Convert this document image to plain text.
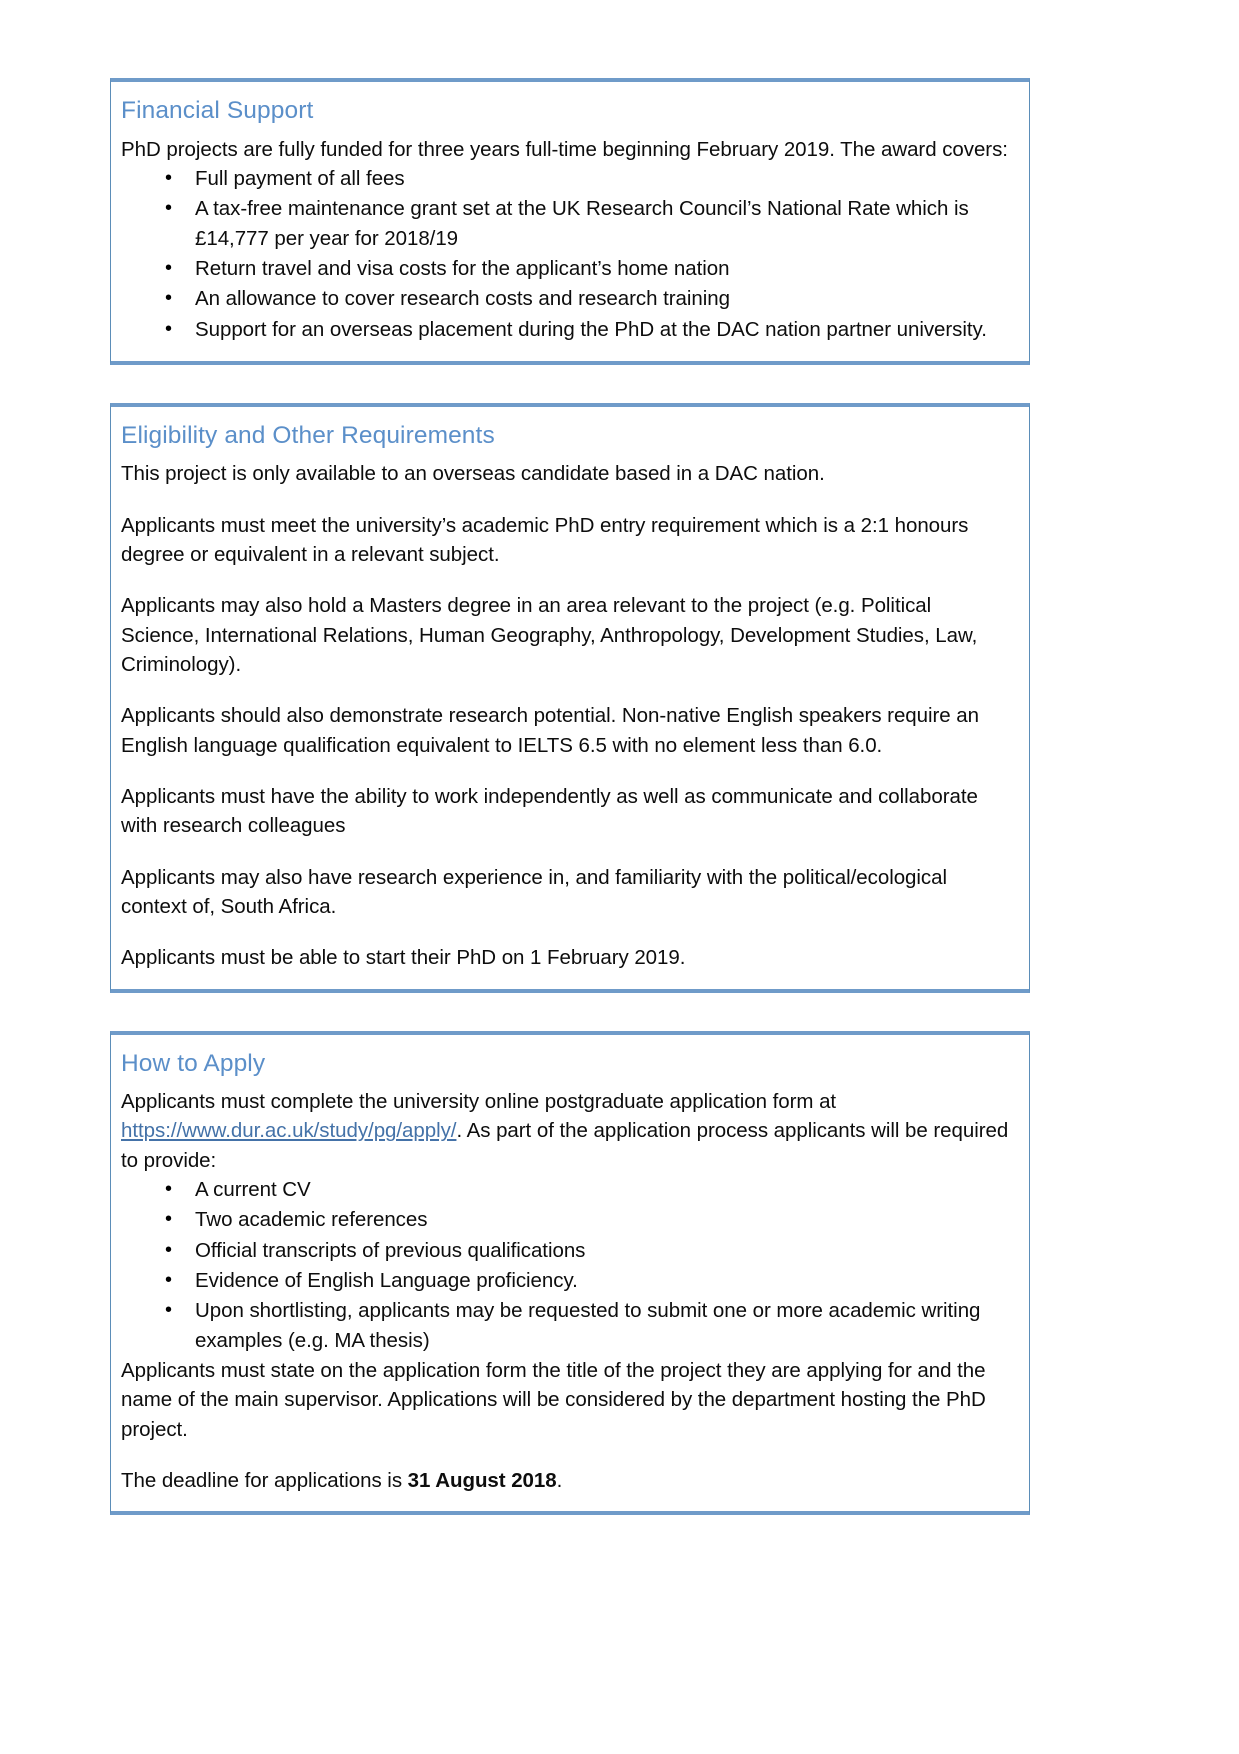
Financial Support

PhD projects are fully funded for three years full-time beginning February 2019. The award covers:

• Full payment of all fees
• A tax-free maintenance grant set at the UK Research Council’s National Rate which is £14,777 per year for 2018/19
• Return travel and visa costs for the applicant’s home nation
• An allowance to cover research costs and research training
• Support for an overseas placement during the PhD at the DAC nation partner university.
Eligibility and Other Requirements

This project is only available to an overseas candidate based in a DAC nation.

Applicants must meet the university’s academic PhD entry requirement which is a 2:1 honours degree or equivalent in a relevant subject.

Applicants may also hold a Masters degree in an area relevant to the project (e.g. Political Science, International Relations, Human Geography, Anthropology, Development Studies, Law, Criminology).

Applicants should also demonstrate research potential. Non-native English speakers require an English language qualification equivalent to IELTS 6.5 with no element less than 6.0.

Applicants must have the ability to work independently as well as communicate and collaborate with research colleagues

Applicants may also have research experience in, and familiarity with the political/ecological context of, South Africa.

Applicants must be able to start their PhD on 1 February 2019.

How to Apply

Applicants must complete the university online postgraduate application form at https://www.dur.ac.uk/study/pg/apply/. As part of the application process applicants will be required to provide:

• A current CV
• Two academic references
• Official transcripts of previous qualifications
• Evidence of English Language proficiency.
• Upon shortlisting, applicants may be requested to submit one or more academic writing examples (e.g. MA thesis)

Applicants must state on the application form the title of the project they are applying for and the name of the main supervisor. Applications will be considered by the department hosting the PhD project.

The deadline for applications is 31 August 2018.
